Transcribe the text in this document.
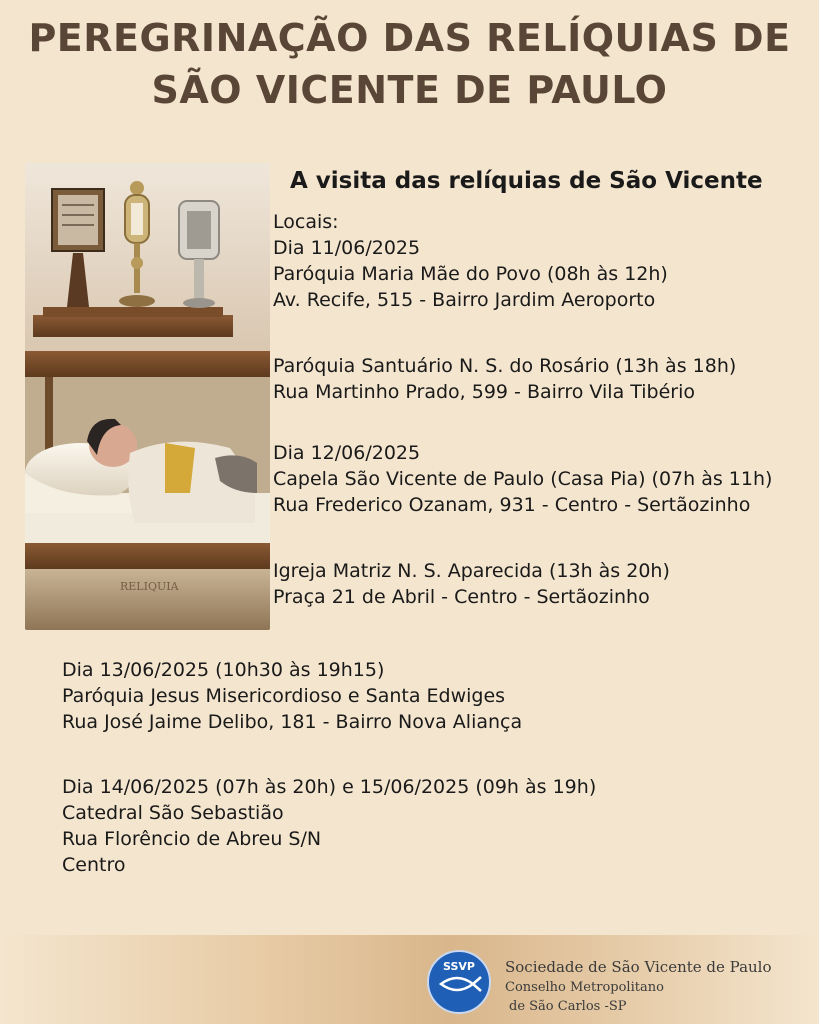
PEREGRINAÇÃO DAS RELÍQUIAS DE
SÃO VICENTE DE PAULO
RELIQUIA
A visita das relíquias de São Vicente
Locais:
Dia 11/06/2025
Paróquia Maria Mãe do Povo (08h às 12h)
Av. Recife, 515 - Bairro Jardim Aeroporto
Paróquia Santuário N. S. do Rosário (13h às 18h)
Rua Martinho Prado, 599 - Bairro Vila Tibério
Dia 12/06/2025
Capela São Vicente de Paulo (Casa Pia) (07h às 11h)
Rua Frederico Ozanam, 931 - Centro - Sertãozinho
Igreja Matriz N. S. Aparecida (13h às 20h)
Praça 21 de Abril - Centro - Sertãozinho
Dia 13/06/2025 (10h30 às 19h15)
Paróquia Jesus Misericordioso e Santa Edwiges
Rua José Jaime Delibo, 181 - Bairro Nova Aliança
Dia 14/06/2025 (07h às 20h) e 15/06/2025 (09h às 19h)
Catedral São Sebastião
Rua Florêncio de Abreu S/N
Centro
SSVP Sociedade de São Vicente de Paulo
Conselho Metropolitano
de São Carlos -SP
